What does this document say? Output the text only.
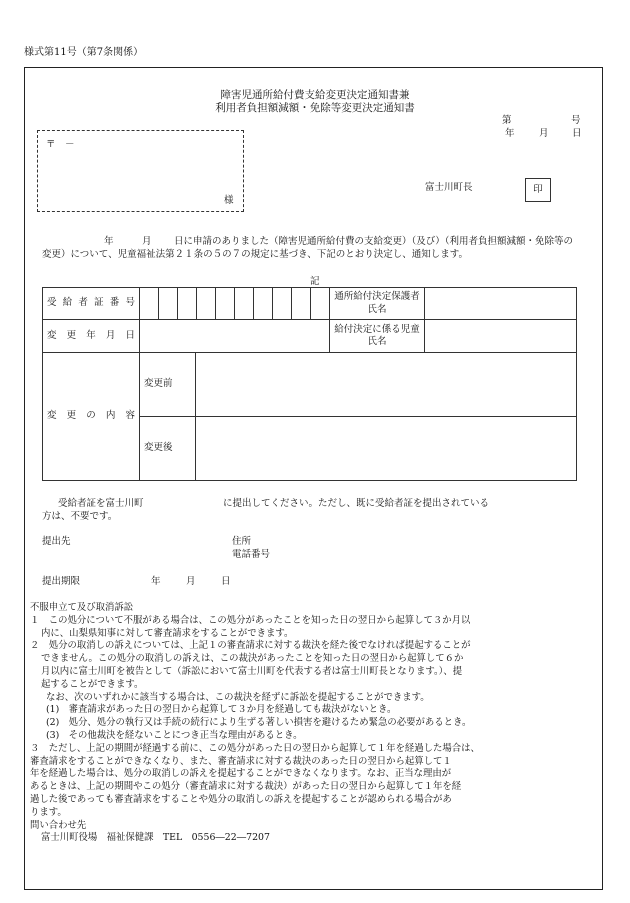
様式第11号（第7条関係）
障害児通所給付費支給変更決定通知書兼
利用者負担額減額・免除等変更決定通知書
第	号
年	月 日
〒　－
様
富士川町長	印
年	月	日に申請のありました（障害児通所給付費の支給変更）（及び）（利用者負担額減額・免除等の変更）について、児童福祉法第２１条の５の７の規定に基づき、下記のとおり決定し、通知します。
記
受給者証番号			通所給付決定保護者氏名	
変更年月日			給付決定に係る児童氏名	
変更の内容	変更前			
	変更後			
受給者証を富士川町	に提出してください。ただし、既に受給者証を提出されている
方は、不要です。
提出先	住所
電話番号
提出期限	年	月	日

不服申立て及び取消訴訟

１　この処分について不服がある場合は、この処分があったことを知った日の翌日から起算して３か月以

内に、山梨県知事に対して審査請求をすることができます。

２　処分の取消しの訴えについては、上記１の審査請求に対する裁決を経た後でなければ提起することが

できません。この処分の取消しの訴えは、この裁決があったことを知った日の翌日から起算して６か

月以内に富士川町を被告として（訴訟において富士川町を代表する者は富士川町長となります。）、提

起することができます。

なお、次のいずれかに該当する場合は、この裁決を経ずに訴訟を提起することができます。

(1)　審査請求があった日の翌日から起算して３か月を経過しても裁決がないとき。

(2)　処分、処分の執行又は手続の続行により生ずる著しい損害を避けるため緊急の必要があるとき。

(3)　その他裁決を経ないことにつき正当な理由があるとき。

３　ただし、上記の期間が経過する前に、この処分があった日の翌日から起算して１年を経過した場合は、

審査請求をすることができなくなり、また、審査請求に対する裁決のあった日の翌日から起算して１

年を経過した場合は、処分の取消しの訴えを提起することができなくなります。なお、正当な理由が

あるときは、上記の期間やこの処分（審査請求に対する裁決）があった日の翌日から起算して１年を経

過した後であっても審査請求をすることや処分の取消しの訴えを提起することが認められる場合があ

ります。

問い合わせ先

富士川町役場　福祉保健課　TEL　0556―22―7207
